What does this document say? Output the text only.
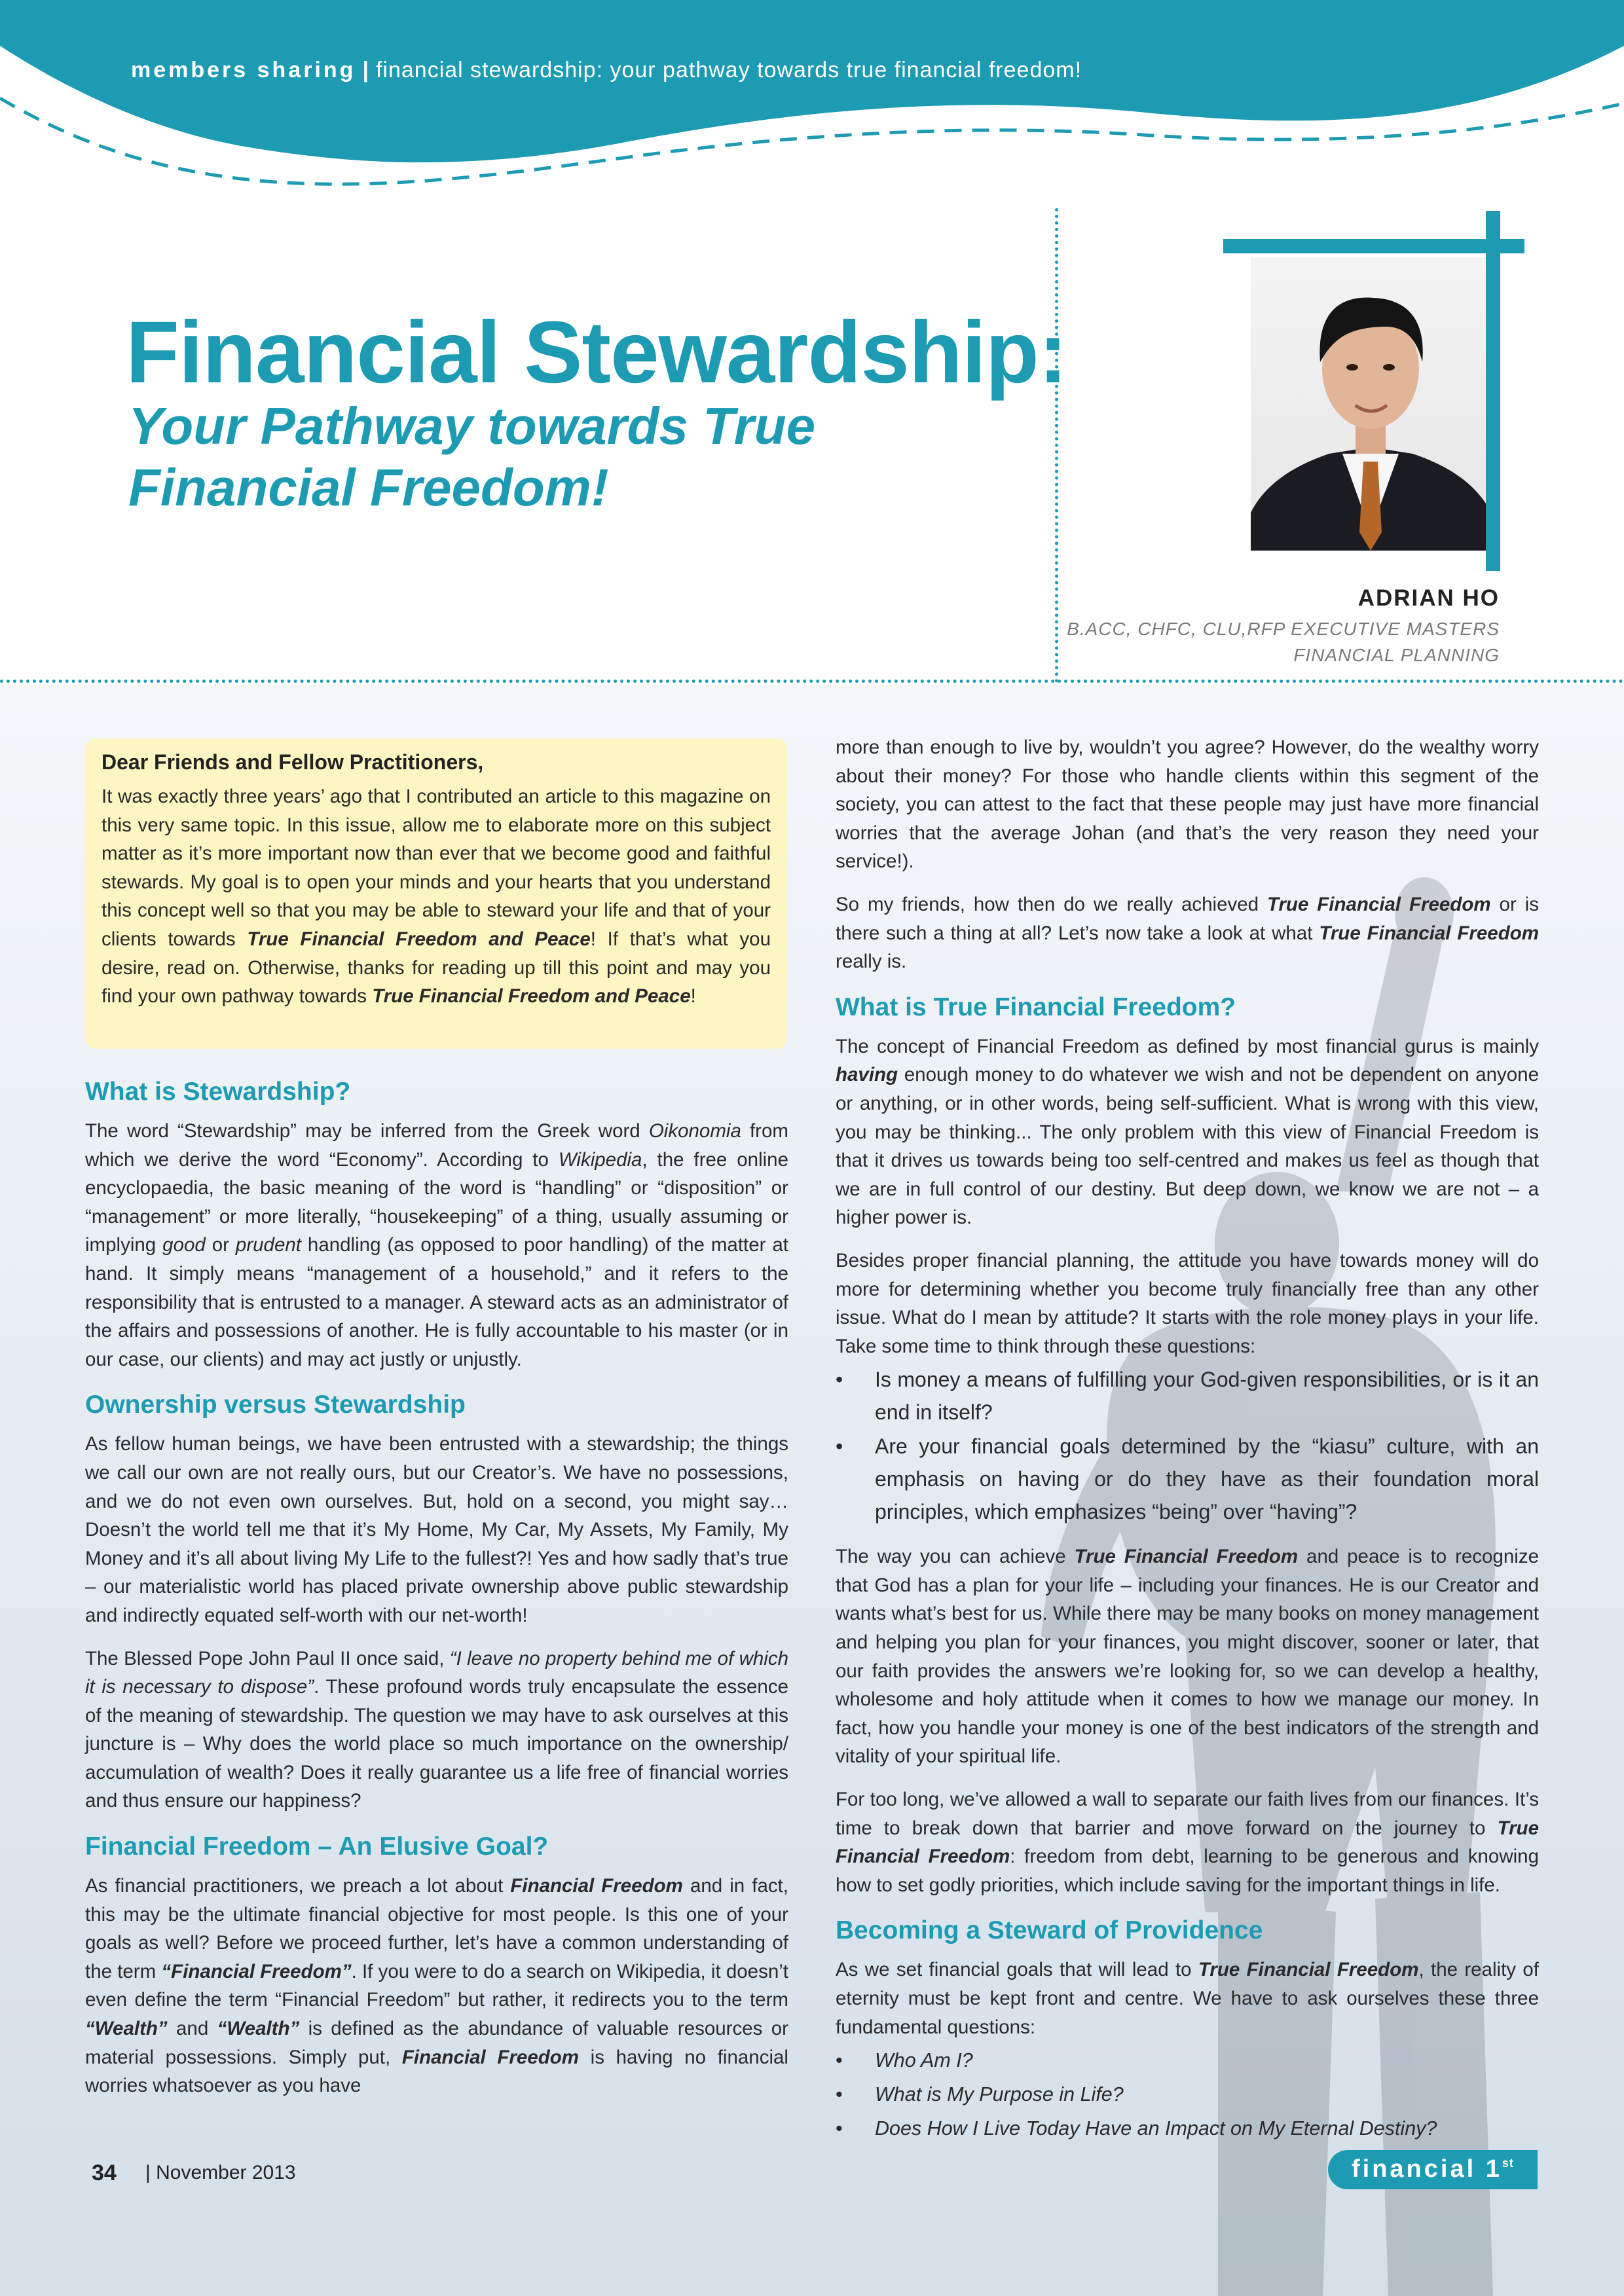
members sharing | financial stewardship: your pathway towards true financial freedom!
Financial Stewardship:
Your Pathway towards True Financial Freedom!
ADRIAN HO
B.ACC, CHFC, CLU,RFP EXECUTIVE MASTERS
FINANCIAL PLANNING
Dear Friends and Fellow Practitioners,

It was exactly three years’ ago that I contributed an article to this magazine on this very same topic. In this issue, allow me to elaborate more on this subject matter as it’s more important now than ever that we become good and faithful stewards. My goal is to open your minds and your hearts that you understand this concept well so that you may be able to steward your life and that of your clients towards True Financial Freedom and Peace! If that’s what you desire, read on. Otherwise, thanks for reading up till this point and may you find your own pathway towards True Financial Freedom and Peace!

What is Stewardship?

The word “Stewardship” may be inferred from the Greek word Oikonomia from which we derive the word “Economy”. According to Wikipedia, the free online encyclopaedia, the basic meaning of the word is “handling” or “disposition” or “management” or more literally, “housekeeping” of a thing, usually assuming or implying good or prudent handling (as opposed to poor handling) of the matter at hand. It simply means “management of a household,” and it refers to the responsibility that is entrusted to a manager. A steward acts as an administrator of the affairs and possessions of another. He is fully accountable to his master (or in our case, our clients) and may act justly or unjustly.

Ownership versus Stewardship

As fellow human beings, we have been entrusted with a stewardship; the things we call our own are not really ours, but our Creator’s. We have no possessions, and we do not even own ourselves. But, hold on a second, you might say… Doesn’t the world tell me that it’s My Home, My Car, My Assets, My Family, My Money and it’s all about living My Life to the fullest?! Yes and how sadly that’s true – our materialistic world has placed private ownership above public stewardship and indirectly equated self-worth with our net-worth!

The Blessed Pope John Paul II once said, “I leave no property behind me of which it is necessary to dispose”. These profound words truly encapsulate the essence of the meaning of stewardship. The question we may have to ask ourselves at this juncture is – Why does the world place so much importance on the ownership/ accumulation of wealth? Does it really guarantee us a life free of financial worries and thus ensure our happiness?

Financial Freedom – An Elusive Goal?

As financial practitioners, we preach a lot about Financial Freedom and in fact, this may be the ultimate financial objective for most people. Is this one of your goals as well? Before we proceed further, let’s have a common understanding of the term “Financial Freedom”. If you were to do a search on Wikipedia, it doesn’t even define the term “Financial Freedom” but rather, it redirects you to the term “Wealth” and “Wealth” is defined as the abundance of valuable resources or material possessions. Simply put, Financial Freedom is having no financial worries whatsoever as you have

more than enough to live by, wouldn’t you agree? However, do the wealthy worry about their money? For those who handle clients within this segment of the society, you can attest to the fact that these people may just have more financial worries that the average Johan (and that’s the very reason they need your service!).

So my friends, how then do we really achieved True Financial Freedom or is there such a thing at all? Let’s now take a look at what True Financial Freedom really is.

What is True Financial Freedom?

The concept of Financial Freedom as defined by most financial gurus is mainly having enough money to do whatever we wish and not be dependent on anyone or anything, or in other words, being self-sufficient. What is wrong with this view, you may be thinking... The only problem with this view of Financial Freedom is that it drives us towards being too self-centred and makes us feel as though that we are in full control of our destiny. But deep down, we know we are not – a higher power is.

Besides proper financial planning, the attitude you have towards money will do more for determining whether you become truly financially free than any other issue. What do I mean by attitude? It starts with the role money plays in your life. Take some time to think through these questions:

• Is money a means of fulfilling your God-given responsibilities, or is it an end in itself?
• Are your financial goals determined by the “kiasu” culture, with an emphasis on having or do they have as their foundation moral principles, which emphasizes “being” over “having”?

The way you can achieve True Financial Freedom and peace is to recognize that God has a plan for your life – including your finances. He is our Creator and wants what’s best for us. While there may be many books on money management and helping you plan for your finances, you might discover, sooner or later, that our faith provides the answers we’re looking for, so we can develop a healthy, wholesome and holy attitude when it comes to how we manage our money. In fact, how you handle your money is one of the best indicators of the strength and vitality of your spiritual life.

For too long, we’ve allowed a wall to separate our faith lives from our finances. It’s time to break down that barrier and move forward on the journey to True Financial Freedom: freedom from debt, learning to be generous and knowing how to set godly priorities, which include saving for the important things in life.

Becoming a Steward of Providence

As we set financial goals that will lead to True Financial Freedom, the reality of eternity must be kept front and centre. We have to ask ourselves these three fundamental questions:

• Who Am I?
• What is My Purpose in Life?
• Does How I Live Today Have an Impact on My Eternal Destiny?
34 | November 2013	financial 1st
